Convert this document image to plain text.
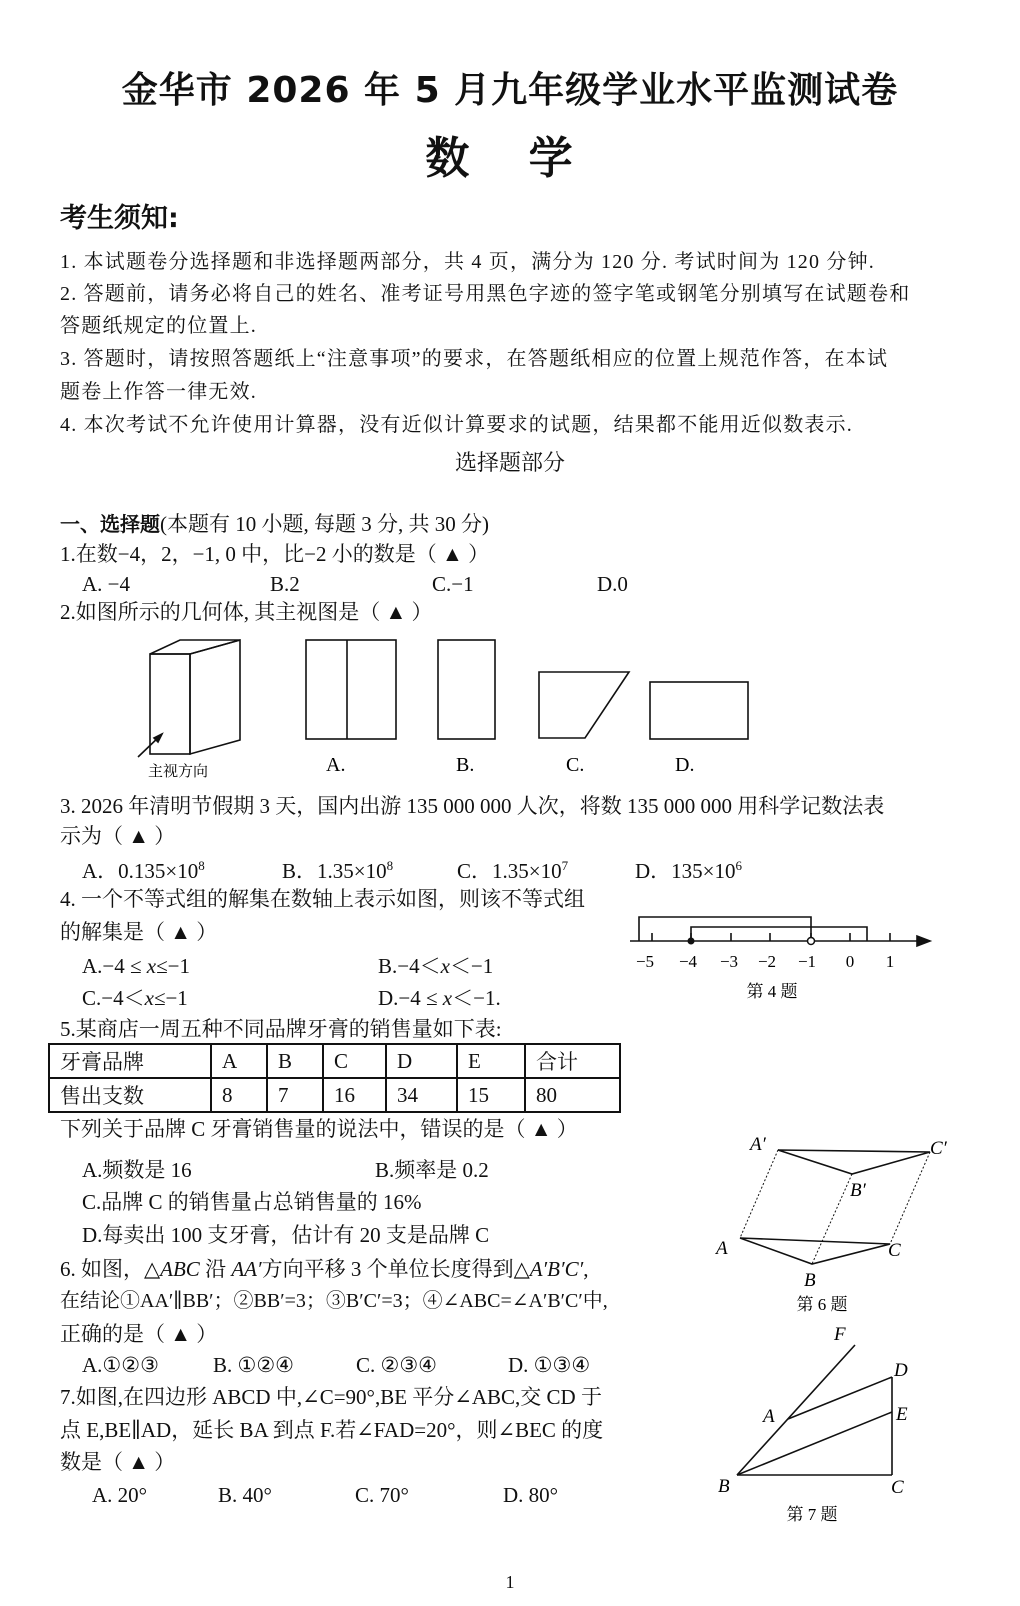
金华市 2026 年 5 月九年级学业水平监测试卷
数 学
考生须知:
1. 本试题卷分选择题和非选择题两部分，共 4 页，满分为 120 分. 考试时间为 120 分钟.
2. 答题前，请务必将自己的姓名、准考证号用黑色字迹的签字笔或钢笔分别填写在试题卷和
答题纸规定的位置上.
3. 答题时，请按照答题纸上“注意事项”的要求，在答题纸相应的位置上规范作答，在本试
题卷上作答一律无效.
4. 本次考试不允许使用计算器，没有近似计算要求的试题，结果都不能用近似数表示.
选择题部分
一、选择题(本题有 10 小题, 每题 3 分, 共 30 分)
1.在数−4，2，−1, 0 中，比−2 小的数是（ ▲ ）
A. −4	B.2	C.−1	D.0
2.如图所示的几何体, 其主视图是（ ▲ ）
主视方向	A.	B.	C.	D.
3. 2026 年清明节假期 3 天，国内出游 135 000 000 人次，将数 135 000 000 用科学记数法表
示为（ ▲ ）
A．$0.135\times 10^8$	B．$1.35\times 10^8$	C．$1.35\times 10^7$	D．$135\times 10^6$
4. 一个不等式组的解集在数轴上表示如图，则该不等式组
的解集是（ ▲ ）
A.−4 ≤ x≤−1	B.−4＜x＜−1
C.−4＜x≤−1	D.−4 ≤ x＜−1.
−5 −4 −3 −2 −1 0 1
第 4 题
5.某商店一周五种不同品牌牙膏的销售量如下表:
牙膏品牌	A	B	C	D	E	合计
售出支数	8	7	16	34	15	80
下列关于品牌 C 牙膏销售量的说法中，错误的是（ ▲ ）
A.频数是 16	B.频率是 0.2
C.品牌 C 的销售量占总销售量的 16%
D.每卖出 100 支牙膏，估计有 20 支是品牌 C
A′	C′
B′
A	C
B
第 6 题
6. 如图，△ABC 沿 AA′方向平移 3 个单位长度得到△A′B′C′,
在结论①AA′∥BB′；②BB′=3；③B′C′=3；④∠ABC=∠A′B′C′中,
正确的是（ ▲ ）
A.①②③	B. ①②④	C. ②③④	D. ①③④
7.如图,在四边形 ABCD 中,∠C=90°,BE 平分∠ABC,交 CD 于
点 E,BE∥AD，延长 BA 到点 F.若∠FAD=20°，则∠BEC 的度
数是（ ▲ ）
A. 20°	B. 40°	C. 70°	D. 80°
F
D
A	E
B	C
第 7 题
1
